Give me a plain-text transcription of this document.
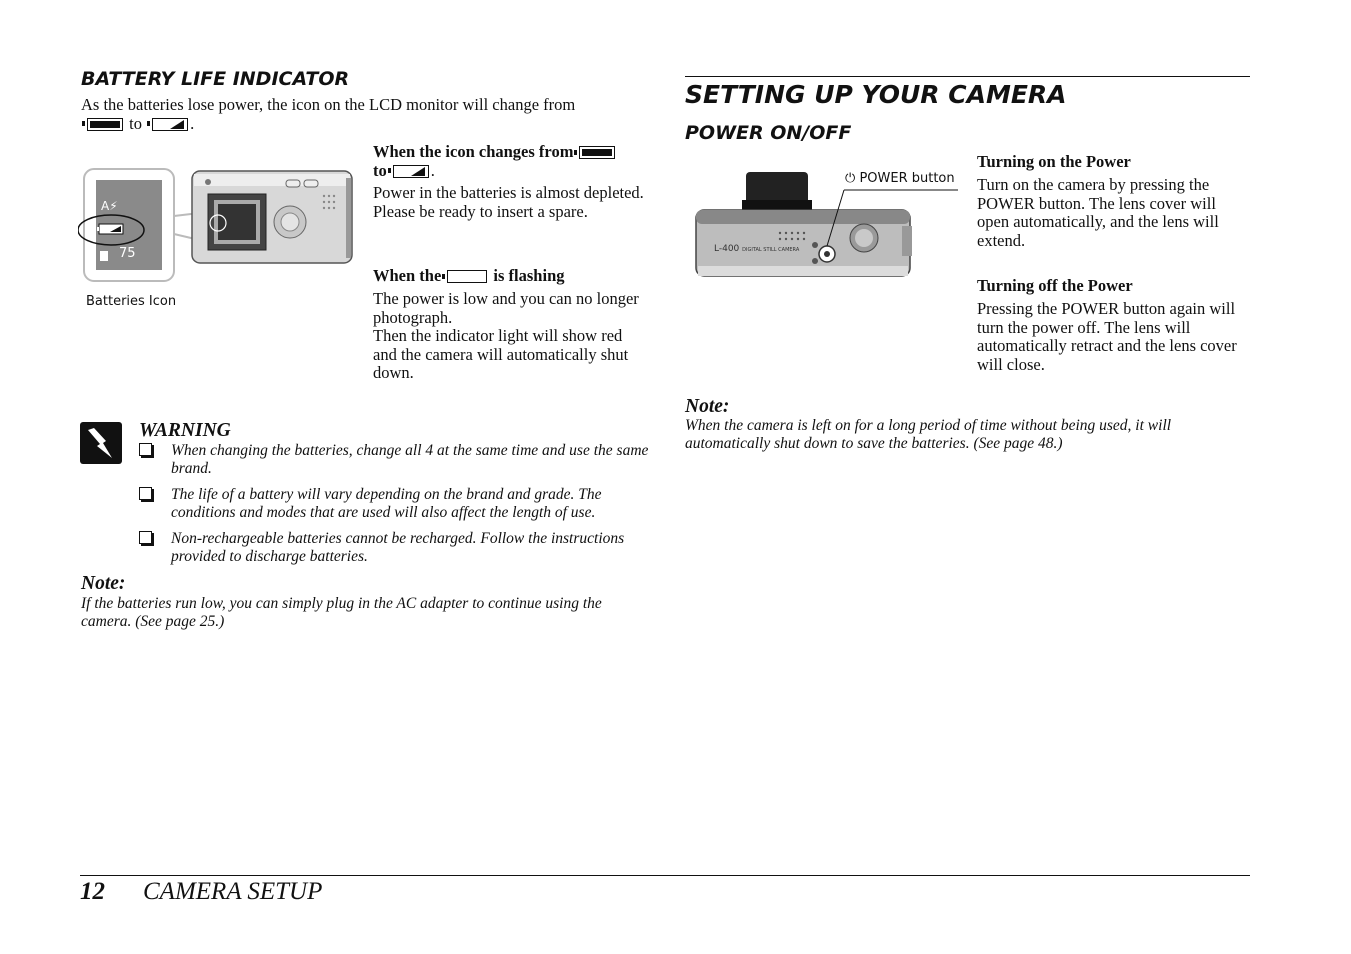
BATTERY LIFE INDICATOR
As the batteries lose power, the icon on the LCD monitor will change from
to	.
A⚡
75
Batteries Icon
When the icon changes from
to	.
Power in the batteries is almost depleted. Please be ready to insert a spare.
When the	is flashing
The power is low and you can no longer photograph.
Then the indicator light will show red and the camera will automatically shut down.
WARNING
When changing the batteries, change all 4 at the same time and use the same brand.
The life of a battery will vary depending on the brand and grade. The conditions and modes that are used will also affect the length of use.
Non-rechargeable batteries cannot be recharged. Follow the instructions provided to discharge batteries.
Note:
If the batteries run low, you can simply plug in the AC adapter to continue using the camera. (See page 25.)
SETTING UP YOUR CAMERA
POWER ON/OFF
L-400 DIGITAL STILL CAMERA
⏻ POWER button
Turning on the Power
Turn on the camera by pressing the POWER button. The lens cover will open automatically, and the lens will extend.
Turning off the Power
Pressing the POWER button again will turn the power off. The lens will automatically retract and the lens cover will close.
Note:
When the camera is left on for a long period of time without being used, it will automatically shut down to save the batteries. (See page 48.)
12 CAMERA SETUP
